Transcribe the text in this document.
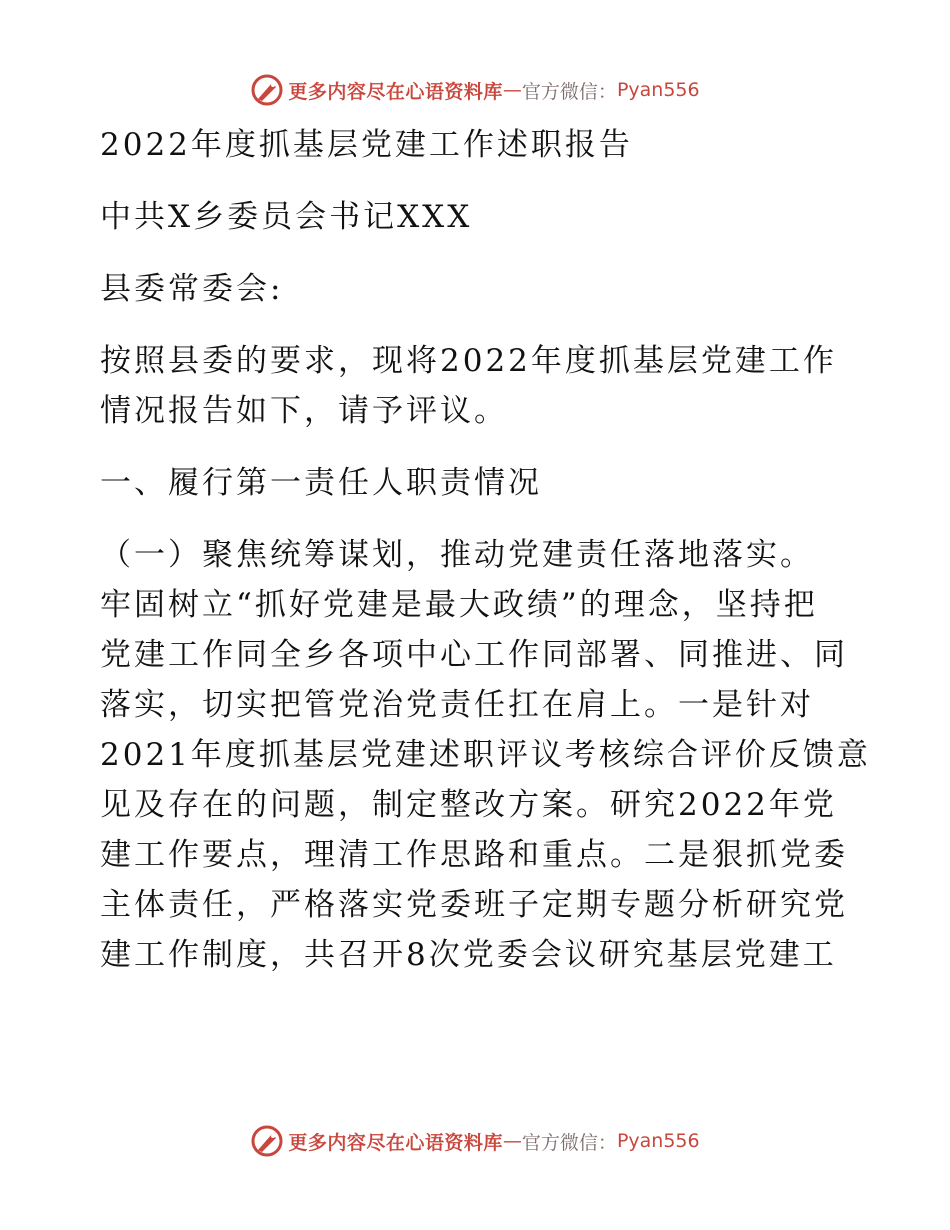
更多内容尽在心语资料库 — 官方微信： Pyan556

2022年度抓基层党建工作述职报告

中共X乡委员会书记XXX

县委常委会:

按照县委的要求，现将2022年度抓基层党建工作

情况报告如下，请予评议。

一、履行第一责任人职责情况

（一）聚焦统筹谋划，推动党建责任落地落实。

牢固树立“抓好党建是最大政绩”的理念，坚持把

党建工作同全乡各项中心工作同部署、同推进、同

落实，切实把管党治党责任扛在肩上。一是针对

2021年度抓基层党建述职评议考核综合评价反馈意

见及存在的问题，制定整改方案。研究2022年党

建工作要点，理清工作思路和重点。二是狠抓党委

主体责任，严格落实党委班子定期专题分析研究党

建工作制度，共召开8次党委会议研究基层党建工

更多内容尽在心语资料库 — 官方微信： Pyan556
